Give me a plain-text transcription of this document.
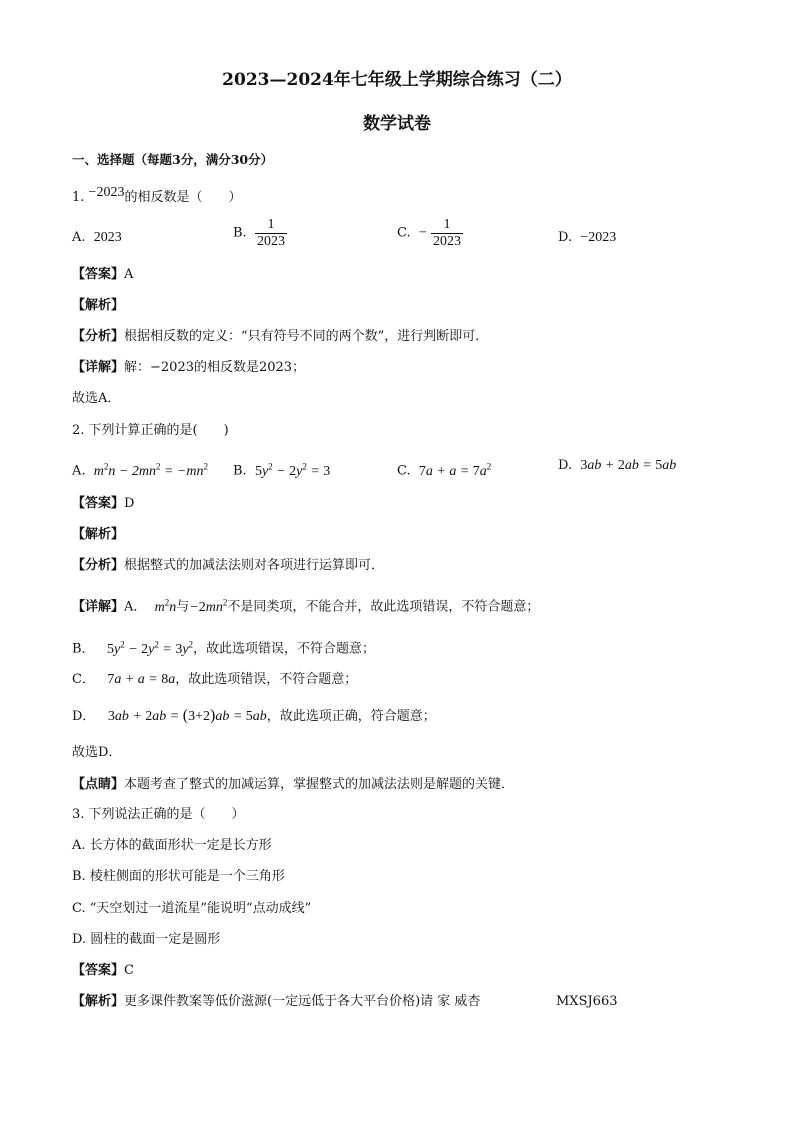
2023—2024年七年级上学期综合练习（二）
数学试卷
一、选择题（每题3分，满分30分）
1. −2023的相反数是（　　）
A. 2023	B. $\frac{1}{2023}$	C. − $\frac{1}{2023}$	D. −2023
【答案】A
【解析】
【分析】根据相反数的定义：“只有符号不同的两个数”，进行判断即可．
【详解】解：−2023的相反数是2023；
故选A．
2. 下列计算正确的是(　　)
A. $m^2n - 2mn^2 = -mn^2$ B. $5y^2 - 2y^2 = 3$	C. $7a + a = 7a^2$	D. 3ab + 2ab = 5ab
【答案】D
【解析】
【分析】根据整式的加减法法则对各项进行运算即可．
【详解】A． $m^2n$与$-2mn^2$不是同类项，不能合并，故此选项错误，不符合题意；
B． $5y^2 - 2y^2 = 3y^2$，故此选项错误，不符合题意；
C． 7a + a = 8a，故此选项错误，不符合题意；
D． 3ab + 2ab = (3+2)ab = 5ab，故此选项正确，符合题意；
故选D．
【点睛】本题考查了整式的加减运算，掌握整式的加减法法则是解题的关键．
3. 下列说法正确的是（　　）
A. 长方体的截面形状一定是长方形
B. 棱柱侧面的形状可能是一个三角形
C. “天空划过一道流星”能说明“点动成线”
D. 圆柱的截面一定是圆形
【答案】C
【解析】更多课件教案等低价滋源(一定远低于各大平台价格)请 家 威杏	MXSJ663
